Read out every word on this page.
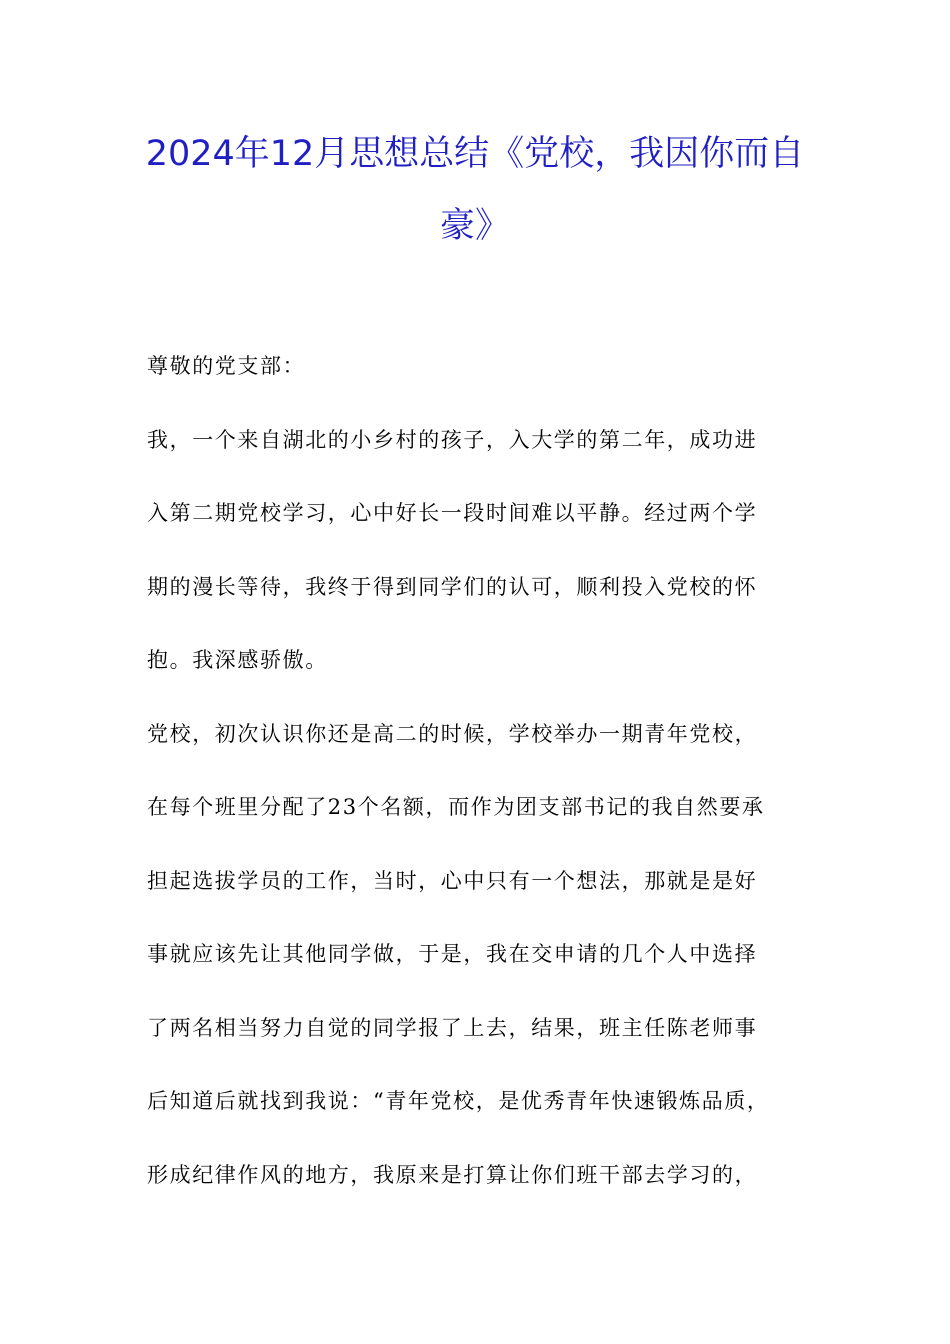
2024年12月思想总结《党校，我因你而自
豪》

尊敬的党支部：

我，一个来自湖北的小乡村的孩子，入大学的第二年，成功进

入第二期党校学习，心中好长一段时间难以平静。经过两个学

期的漫长等待，我终于得到同学们的认可，顺利投入党校的怀

抱。我深感骄傲。

党校，初次认识你还是高二的时候，学校举办一期青年党校，

在每个班里分配了23个名额，而作为团支部书记的我自然要承

担起选拔学员的工作，当时，心中只有一个想法，那就是是好

事就应该先让其他同学做，于是，我在交申请的几个人中选择

了两名相当努力自觉的同学报了上去，结果，班主任陈老师事

后知道后就找到我说：“青年党校，是优秀青年快速锻炼品质，

形成纪律作风的地方，我原来是打算让你们班干部去学习的，
